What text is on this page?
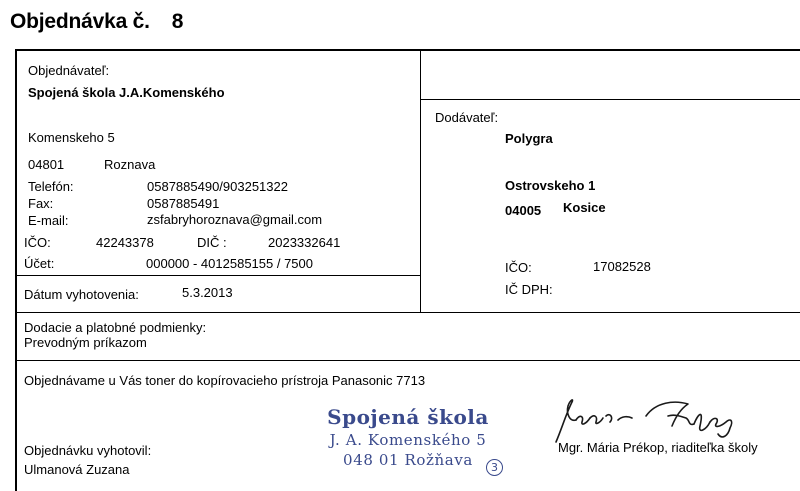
Objednávka č. 8
Objednávateľ:
Spojená škola J.A.Komenského
Komenskeho 5
04801	Roznava
Telefón:	0587885490/903251322
Fax:	0587885491
E-mail:	zsfabryhoroznava@gmail.com
IČO:	42243378	DIČ :	2023332641
Účet:	000000 - 4012585155 / 7500
Dátum vyhotovenia:	5.3.2013
Dodávateľ:
Polygra
Ostrovskeho 1
04005 Kosice
IČO:	17082528
IČ DPH:
Dodacie a platobné podmienky:
Prevodným príkazom
Objednávame u Vás toner do kopírovacieho prístroja Panasonic 7713
Objednávku vyhotovil:
Ulmanová Zuzana
Spojená škola
J. A. Komenského 5
048 01 Rožňava	3
Mgr. Mária Prékop, riaditeľka školy
